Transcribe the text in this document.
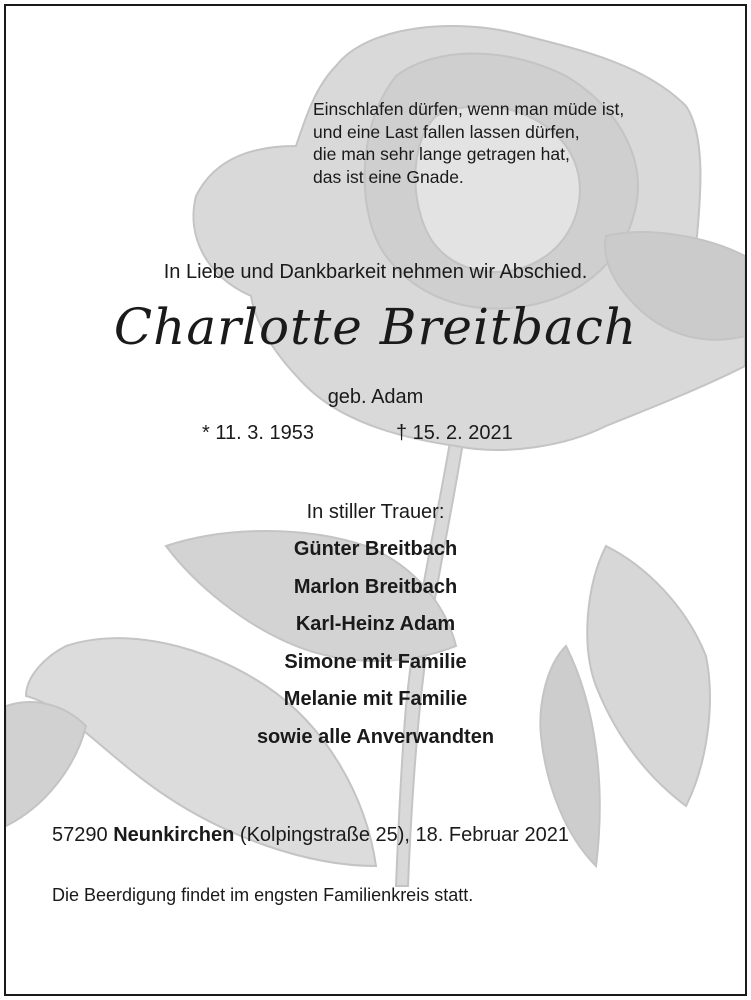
Einschlafen dürfen, wenn man müde ist,
und eine Last fallen lassen dürfen,
die man sehr lange getragen hat,
das ist eine Gnade.
In Liebe und Dankbarkeit nehmen wir Abschied.
Charlotte Breitbach
geb. Adam
* 11. 3. 1953	† 15. 2. 2021
In stiller Trauer:
Günter Breitbach
Marlon Breitbach
Karl-Heinz Adam
Simone mit Familie
Melanie mit Familie
sowie alle Anverwandten
57290 Neunkirchen (Kolpingstraße 25), 18. Februar 2021
Die Beerdigung findet im engsten Familienkreis statt.
